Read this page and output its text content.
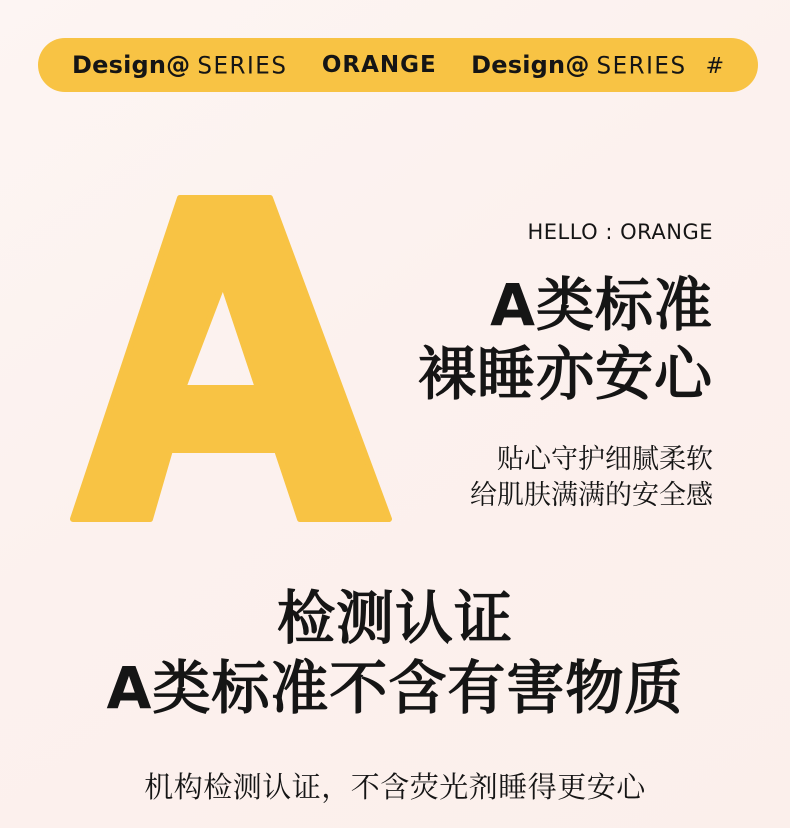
Design@ SERIES ORANGE Design@ SERIES #
HELLO : ORANGE
A类标准
裸睡亦安心
贴心守护细腻柔软
给肌肤满满的安全感
检测认证
A类标准不含有害物质
机构检测认证，不含荧光剂睡得更安心
